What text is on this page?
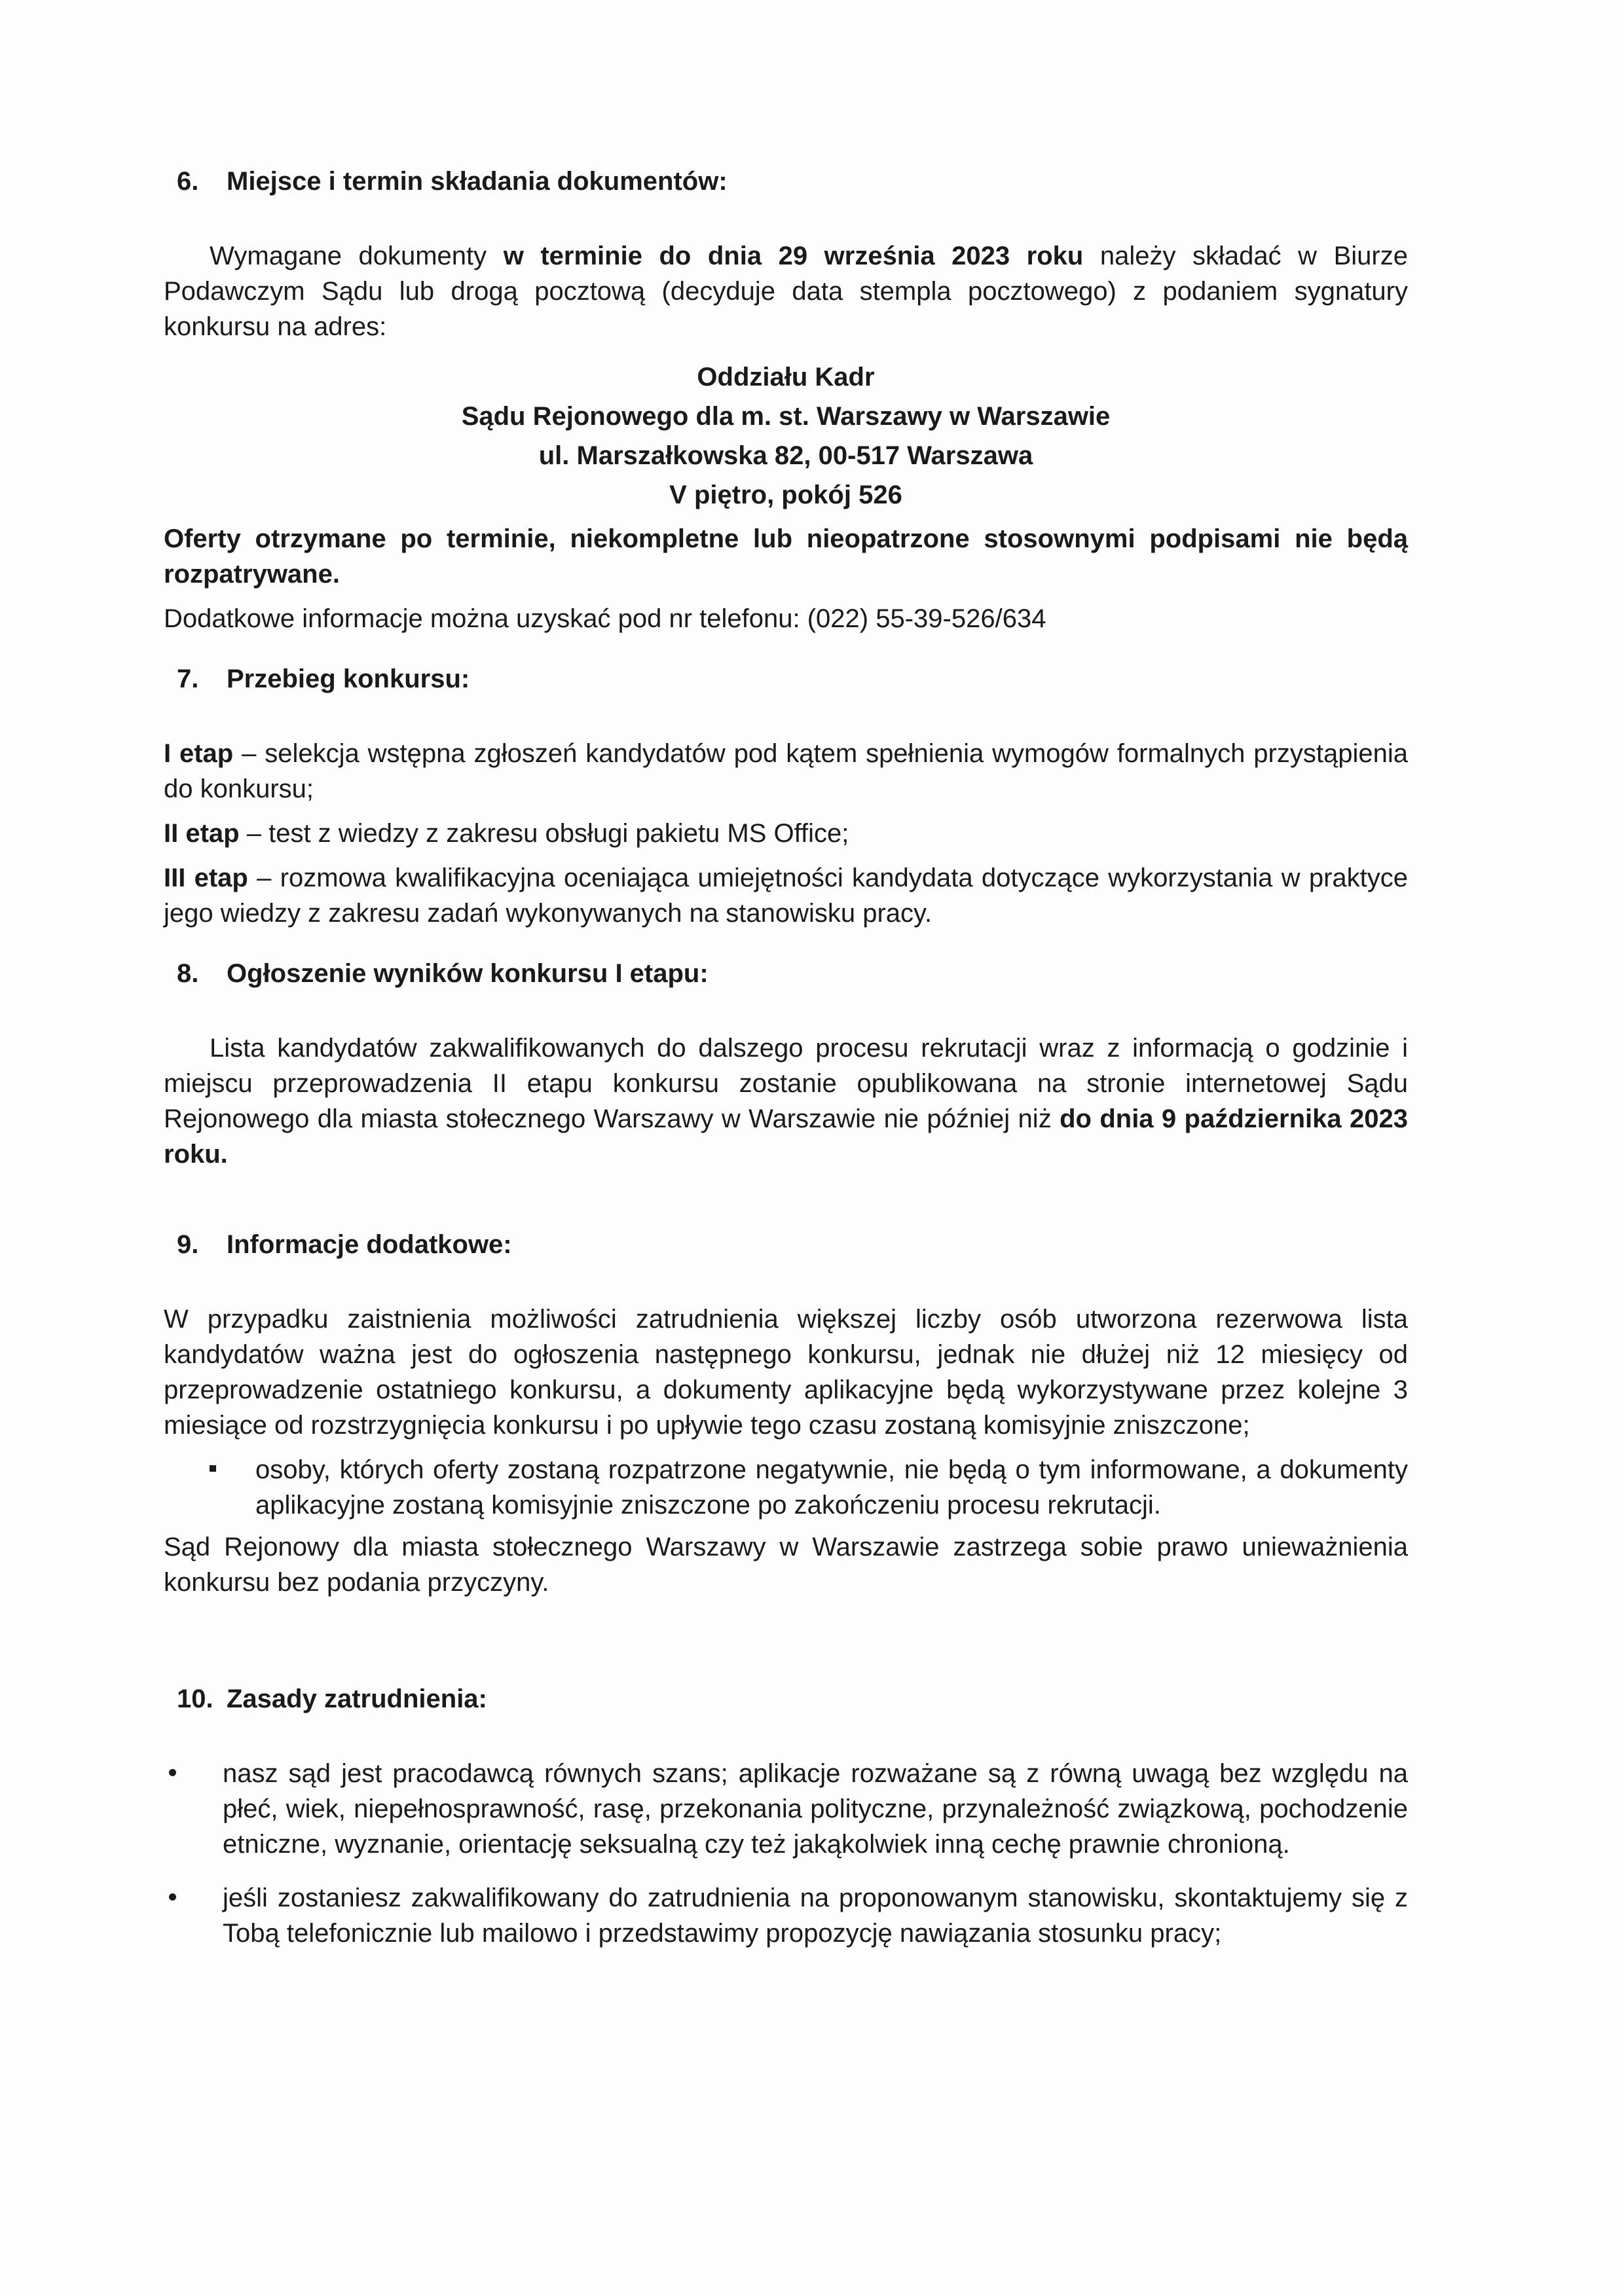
6.	Miejsce i termin składania dokumentów:

Wymagane dokumenty w terminie do dnia 29 września 2023 roku należy składać w Biurze Podawczym Sądu lub drogą pocztową (decyduje data stempla pocztowego) z podaniem sygnatury konkursu na adres:

Oddziału Kadr
Sądu Rejonowego dla m. st. Warszawy w Warszawie
ul. Marszałkowska 82, 00-517 Warszawa
V piętro, pokój 526

Oferty otrzymane po terminie, niekompletne lub nieopatrzone stosownymi podpisami nie będą rozpatrywane.

Dodatkowe informacje można uzyskać pod nr telefonu: (022) 55-39-526/634

7.	Przebieg konkursu:

I etap – selekcja wstępna zgłoszeń kandydatów pod kątem spełnienia wymogów formalnych przystąpienia do konkursu;

II etap – test z wiedzy z zakresu obsługi pakietu MS Office;

III etap – rozmowa kwalifikacyjna oceniająca umiejętności kandydata dotyczące wykorzystania w praktyce jego wiedzy z zakresu zadań wykonywanych na stanowisku pracy.

8.	Ogłoszenie wyników konkursu I etapu:

Lista kandydatów zakwalifikowanych do dalszego procesu rekrutacji wraz z informacją o godzinie i miejscu przeprowadzenia II etapu konkursu zostanie opublikowana na stronie internetowej Sądu Rejonowego dla miasta stołecznego Warszawy w Warszawie nie później niż do dnia 9 października 2023 roku.

9.	Informacje dodatkowe:

W przypadku zaistnienia możliwości zatrudnienia większej liczby osób utworzona rezerwowa lista kandydatów ważna jest do ogłoszenia następnego konkursu, jednak nie dłużej niż 12 miesięcy od przeprowadzenie ostatniego konkursu, a dokumenty aplikacyjne będą wykorzystywane przez kolejne 3 miesiące od rozstrzygnięcia konkursu i po upływie tego czasu zostaną komisyjnie zniszczone;

osoby, których oferty zostaną rozpatrzone negatywnie, nie będą o tym informowane, a dokumenty aplikacyjne zostaną komisyjnie zniszczone po zakończeniu procesu rekrutacji.

Sąd Rejonowy dla miasta stołecznego Warszawy w Warszawie zastrzega sobie prawo unieważnienia konkursu bez podania przyczyny.

10. Zasady zatrudnienia:
nasz sąd jest pracodawcą równych szans; aplikacje rozważane są z równą uwagą bez względu na płeć, wiek, niepełnosprawność, rasę, przekonania polityczne, przynależność związkową, pochodzenie etniczne, wyznanie, orientację seksualną czy też jakąkolwiek inną cechę prawnie chronioną.
jeśli zostaniesz zakwalifikowany do zatrudnienia na proponowanym stanowisku, skontaktujemy się z Tobą telefonicznie lub mailowo i przedstawimy propozycję nawiązania stosunku pracy;
